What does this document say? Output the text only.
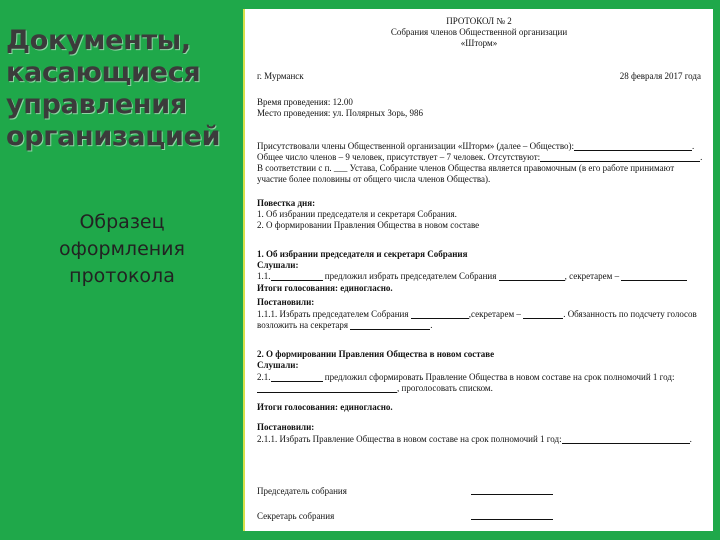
Документы, касающиеся управления организацией
Образец оформления протокола
ПРОТОКОЛ № 2
Собрания членов Общественной организации
«Шторм»
г. Мурманск	28 февраля 2017 года
Время проведения: 12.00
Место проведения: ул. Полярных Зорь, 986
Присутствовали члены Общественной организации «Шторм» (далее – Общество):	.
Общее число членов – 9 человек, присутствует – 7 человек. Отсутствуют:	.
В соответствии с п. ___ Устава, Собрание членов Общества является правомочным (в его работе принимают
участие более половины от общего числа членов Общества).
Повестка дня:
1. Об избрании председателя и секретаря Собрания.
2. О формировании Правления Общества в новом составе
1. Об избрании председателя и секретаря Собрания
Слушали:
1.1.	предложил избрать председателем Собрания	, секретарем –
Итоги голосования: единогласно.
Постановили:
1.1.1. Избрать председателем Собрания	,секретарем –	. Обязанность по подсчету голосов
возложить на секретаря	.
2. О формировании Правления Общества в новом составе
Слушали:
2.1.	предложил сформировать Правление Общества в новом составе на срок полномочий 1 год:
, проголосовать списком.
Итоги голосования: единогласно.
Постановили:
2.1.1. Избрать Правление Общества в новом составе на срок полномочий 1 год:	.
Председатель собрания
Секретарь собрания
